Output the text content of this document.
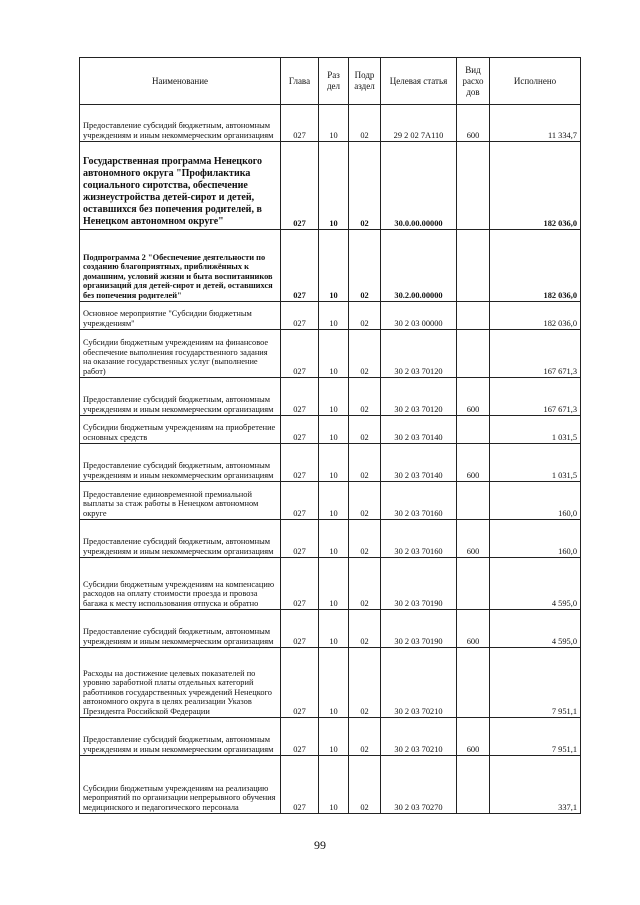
Наименование	Глава	Раз дел	Подр аздел	Целевая статья	Вид расхо дов	Исполнено
Предоставление субсидий бюджетным, автономным учреждениям и иным некоммерческим организациям	027	10	02	29 2 02 7А110	600	11 334,7
Государственная программа Ненецкого автономного округа "Профилактика социального сиротства, обеспечение жизнеустройства детей-сирот и детей, оставшихся без попечения родителей, в Ненецком автономном округе"	027	10	02	30.0.00.00000		182 036,0
Подпрограмма 2 "Обеспечение деятельности по созданию благоприятных, приближённых к домашним, условий жизни и быта воспитанников организаций для детей-сирот и детей, оставшихся без попечения родителей"	027	10	02	30.2.00.00000		182 036,0
Основное мероприятие "Субсидии бюджетным учреждениям"	027	10	02	30 2 03 00000		182 036,0
Субсидии бюджетным учреждениям на финансовое обеспечение выполнения государственного задания на оказание государственных услуг (выполнение работ)	027	10	02	30 2 03 70120		167 671,3
Предоставление субсидий бюджетным, автономным учреждениям и иным некоммерческим организациям	027	10	02	30 2 03 70120	600	167 671,3
Субсидии бюджетным учреждениям на приобретение основных средств	027	10	02	30 2 03 70140		1 031,5
Предоставление субсидий бюджетным, автономным учреждениям и иным некоммерческим организациям	027	10	02	30 2 03 70140	600	1 031,5
Предоставление единовременной премиальной выплаты за стаж работы в Ненецком автономном округе	027	10	02	30 2 03 70160		160,0
Предоставление субсидий бюджетным, автономным учреждениям и иным некоммерческим организациям	027	10	02	30 2 03 70160	600	160,0
Субсидии бюджетным учреждениям на компенсацию расходов на оплату стоимости проезда и провоза багажа к месту использования отпуска и обратно	027	10	02	30 2 03 70190		4 595,0
Предоставление субсидий бюджетным, автономным учреждениям и иным некоммерческим организациям	027	10	02	30 2 03 70190	600	4 595,0
Расходы на достижение целевых показателей по уровню заработной платы отдельных категорий работников государственных учреждений Ненецкого автономного округа в целях реализации Указов Президента Российской Федерации	027	10	02	30 2 03 70210		7 951,1
Предоставление субсидий бюджетным, автономным учреждениям и иным некоммерческим организациям	027	10	02	30 2 03 70210	600	7 951,1
Субсидии бюджетным учреждениям на реализацию мероприятий по организации непрерывного обучения медицинского и педагогического персонала	027	10	02	30 2 03 70270		337,1
99
